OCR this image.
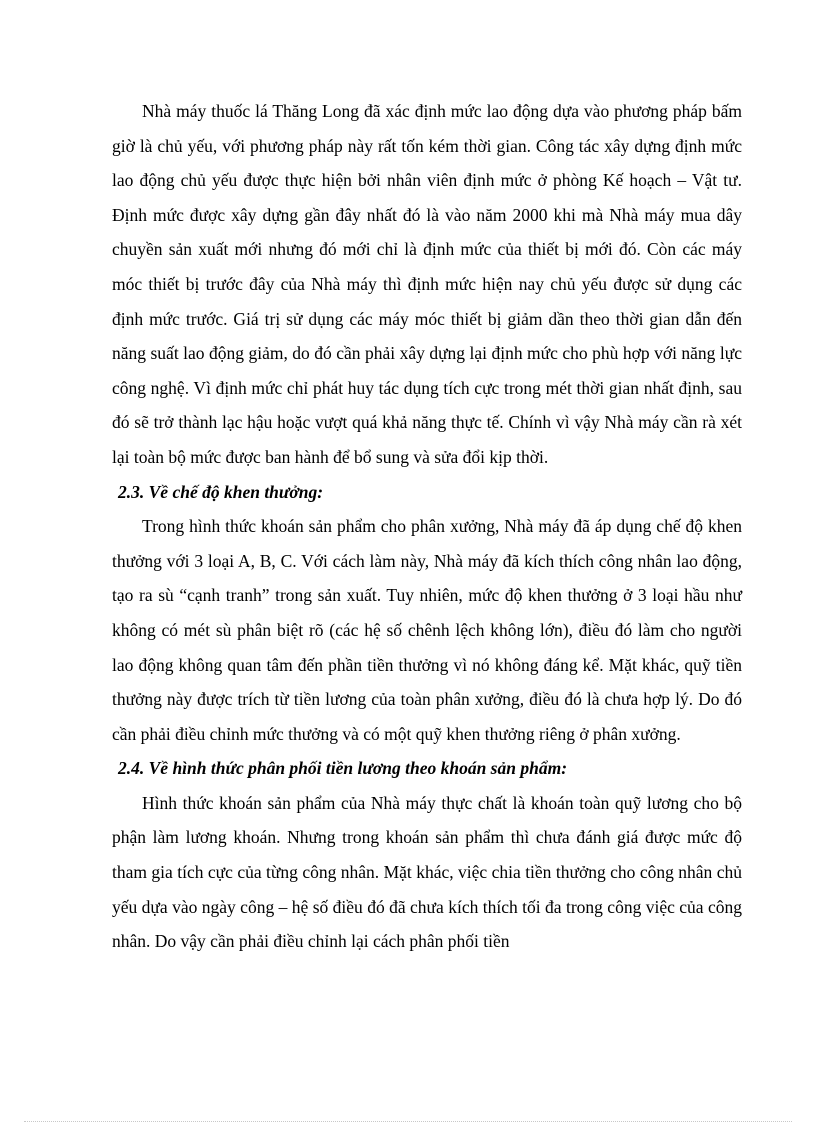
Nhà máy thuốc lá Thăng Long đã xác định mức lao động dựa vào phương pháp bấm giờ là chủ yếu, với phương pháp này rất tốn kém thời gian. Công tác xây dựng định mức lao động chủ yếu được thực hiện bởi nhân viên định mức ở phòng Kế hoạch – Vật tư. Định mức được xây dựng gần đây nhất đó là vào năm 2000 khi mà Nhà máy mua dây chuyền sản xuất mới nhưng đó mới chỉ là định mức của thiết bị mới đó. Còn các máy móc thiết bị trước đây của Nhà máy thì định mức hiện nay chủ yếu được sử dụng các định mức trước. Giá trị sử dụng các máy móc thiết bị giảm dần theo thời gian dẫn đến năng suất lao động giảm, do đó cần phải xây dựng lại định mức cho phù hợp với năng lực công nghệ. Vì định mức chỉ phát huy tác dụng tích cực trong mét thời gian nhất định, sau đó sẽ trở thành lạc hậu hoặc vượt quá khả năng thực tế. Chính vì vậy Nhà máy cần rà xét lại toàn bộ mức được ban hành để bổ sung và sửa đổi kịp thời.

2.3. Về chế độ khen thưởng:

Trong hình thức khoán sản phẩm cho phân xưởng, Nhà máy đã áp dụng chế độ khen thưởng với 3 loại A, B, C. Với cách làm này, Nhà máy đã kích thích công nhân lao động, tạo ra sù “cạnh tranh” trong sản xuất. Tuy nhiên, mức độ khen thưởng ở 3 loại hầu như không có mét sù phân biệt rõ (các hệ số chênh lệch không lớn), điều đó làm cho người lao động không quan tâm đến phần tiền thưởng vì nó không đáng kể. Mặt khác, quỹ tiền thưởng này được trích từ tiền lương của toàn phân xưởng, điều đó là chưa hợp lý. Do đó cần phải điều chỉnh mức thưởng và có một quỹ khen thưởng riêng ở phân xưởng.

2.4. Về hình thức phân phối tiền lương theo khoán sản phẩm:

Hình thức khoán sản phẩm của Nhà máy thực chất là khoán toàn quỹ lương cho bộ phận làm lương khoán. Nhưng trong khoán sản phẩm thì chưa đánh giá được mức độ tham gia tích cực của từng công nhân. Mặt khác, việc chia tiền thưởng cho công nhân chủ yếu dựa vào ngày công – hệ số điều đó đã chưa kích thích tối đa trong công việc của công nhân. Do vậy cần phải điều chỉnh lại cách phân phối tiền
